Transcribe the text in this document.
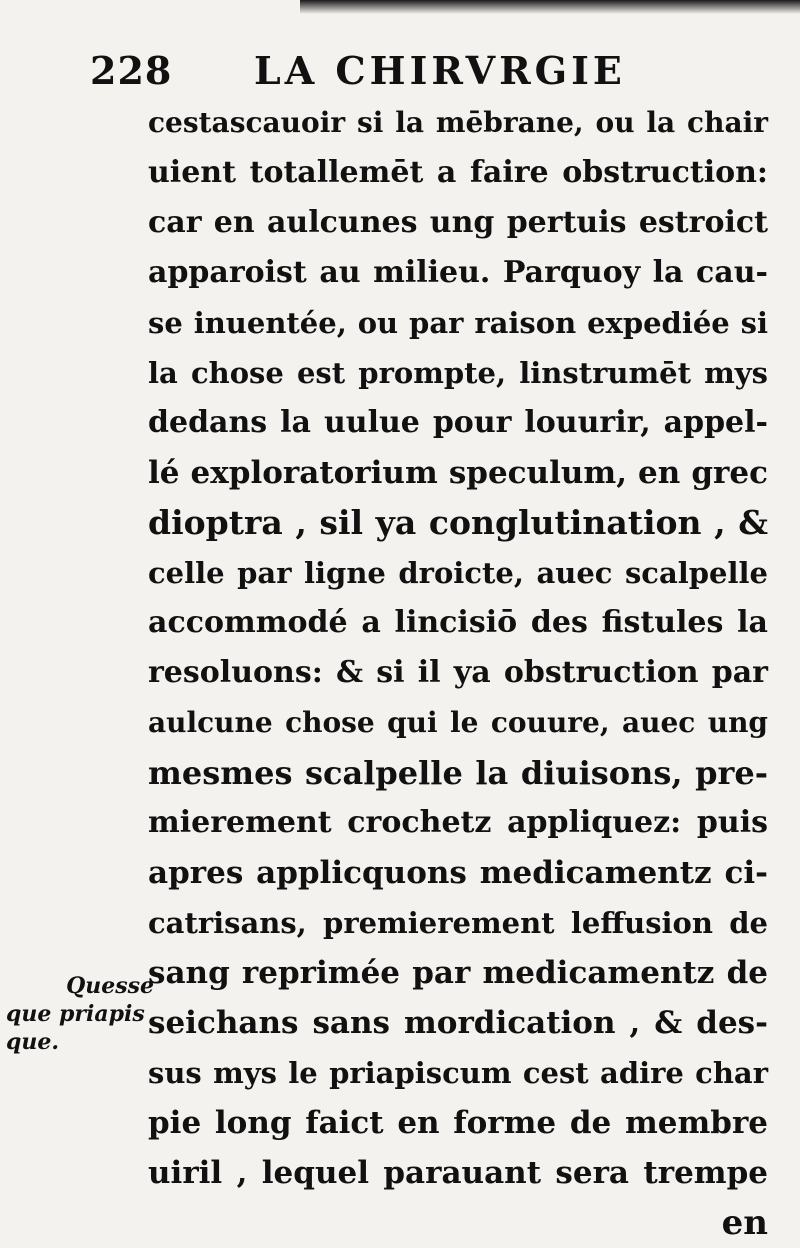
228 LA CHIRVRGIE
cestascauoir si la mēbrane, ou la chair
uient totallemēt a faire obstruction:
car en aulcunes ung pertuis estroict
apparoist au milieu. Parquoy la cau-
se inuentée, ou par raison expediée si
la chose est prompte, linstrumēt mys
dedans la uulue pour louurir, appel-
lé exploratorium speculum, en grec
dioptra , sil ya conglutination , &
celle par ligne droicte, auec scalpelle
accommodé a lincisiō des fistules la
resoluons: & si il ya obstruction par
aulcune chose qui le couure, auec ung
mesmes scalpelle la diuisons, pre-
mierement crochetz appliquez: puis
apres applicquons medicamentz ci-
catrisans, premierement leffusion de
sang reprimée par medicamentz de
seichans sans mordication , & des-
sus mys le priapiscum cest adire char
pie long faict en forme de membre
uiril , lequel parauant sera trempe
en
Quesse
que priapis
que.
